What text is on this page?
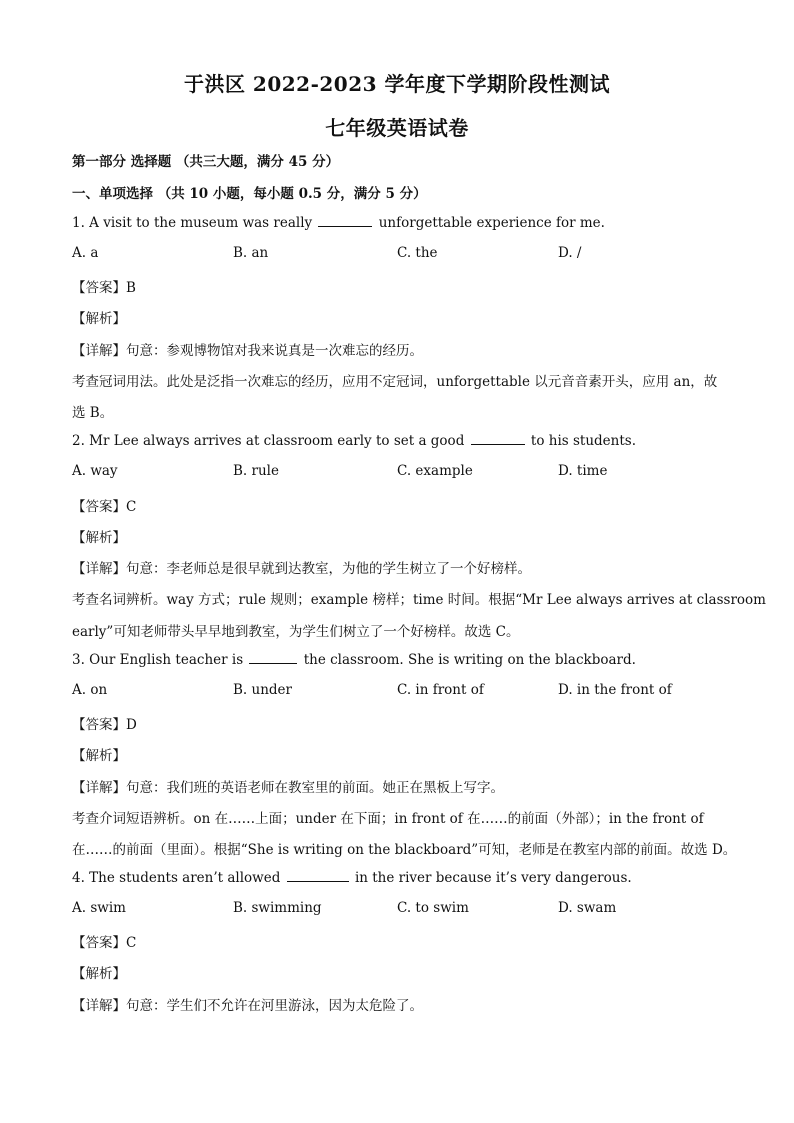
于洪区 2022-2023 学年度下学期阶段性测试
七年级英语试卷
第一部分 选择题 （共三大题，满分 45 分）
一、单项选择 （共 10 小题，每小题 0.5 分，满分 5 分）
1. A visit to the museum was really	unforgettable experience for me.
A. a	B. an	C. the	D. /
【答案】B
【解析】
【详解】句意：参观博物馆对我来说真是一次难忘的经历。
考查冠词用法。此处是泛指一次难忘的经历，应用不定冠词，unforgettable 以元音音素开头，应用 an，故
选 B。
2. Mr Lee always arrives at classroom early to set a good	to his students.
A. way	B. rule	C. example	D. time
【答案】C
【解析】
【详解】句意：李老师总是很早就到达教室，为他的学生树立了一个好榜样。
考查名词辨析。way 方式；rule 规则；example 榜样；time 时间。根据“Mr Lee always arrives at classroom
early”可知老师带头早早地到教室，为学生们树立了一个好榜样。故选 C。
3. Our English teacher is	the classroom. She is writing on the blackboard.
A. on	B. under	C. in front of	D. in the front of
【答案】D
【解析】
【详解】句意：我们班的英语老师在教室里的前面。她正在黑板上写字。
考查介词短语辨析。on 在……上面；under 在下面；in front of 在……的前面（外部）；in the front of
在……的前面（里面）。根据“She is writing on the blackboard”可知，老师是在教室内部的前面。故选 D。
4. The students aren’t allowed	in the river because it’s very dangerous.
A. swim	B. swimming	C. to swim	D. swam
【答案】C
【解析】
【详解】句意：学生们不允许在河里游泳，因为太危险了。
